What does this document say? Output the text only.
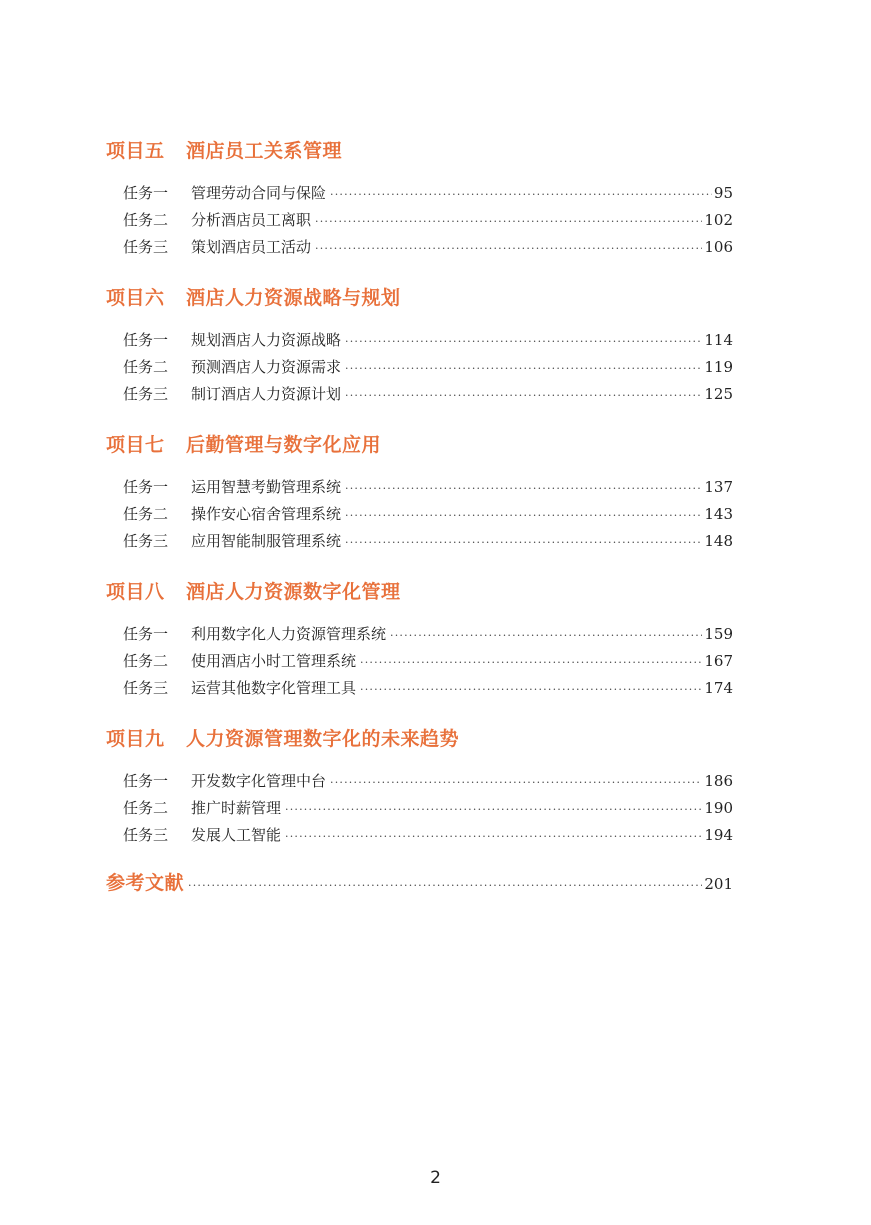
项目五 酒店员工关系管理
任务一	管理劳动合同与保险 ·····	95
任务二	分析酒店员工离职 ·····	102
任务三	策划酒店员工活动 ·····	106
项目六 酒店人力资源战略与规划
任务一	规划酒店人力资源战略 ·····	114
任务二	预测酒店人力资源需求 ·····	119
任务三	制订酒店人力资源计划 ·····	125
项目七 后勤管理与数字化应用
任务一	运用智慧考勤管理系统 ·····	137
任务二	操作安心宿舍管理系统 ·····	143
任务三	应用智能制服管理系统 ·····	148
项目八 酒店人力资源数字化管理
任务一	利用数字化人力资源管理系统 ·····	159
任务二	使用酒店小时工管理系统 ·····	167
任务三	运营其他数字化管理工具 ·····	174
项目九 人力资源管理数字化的未来趋势
任务一	开发数字化管理中台 ·····	186
任务二	推广时薪管理 ·····	190
任务三	发展人工智能 ·····	194
参考文献 ·····	201
2
